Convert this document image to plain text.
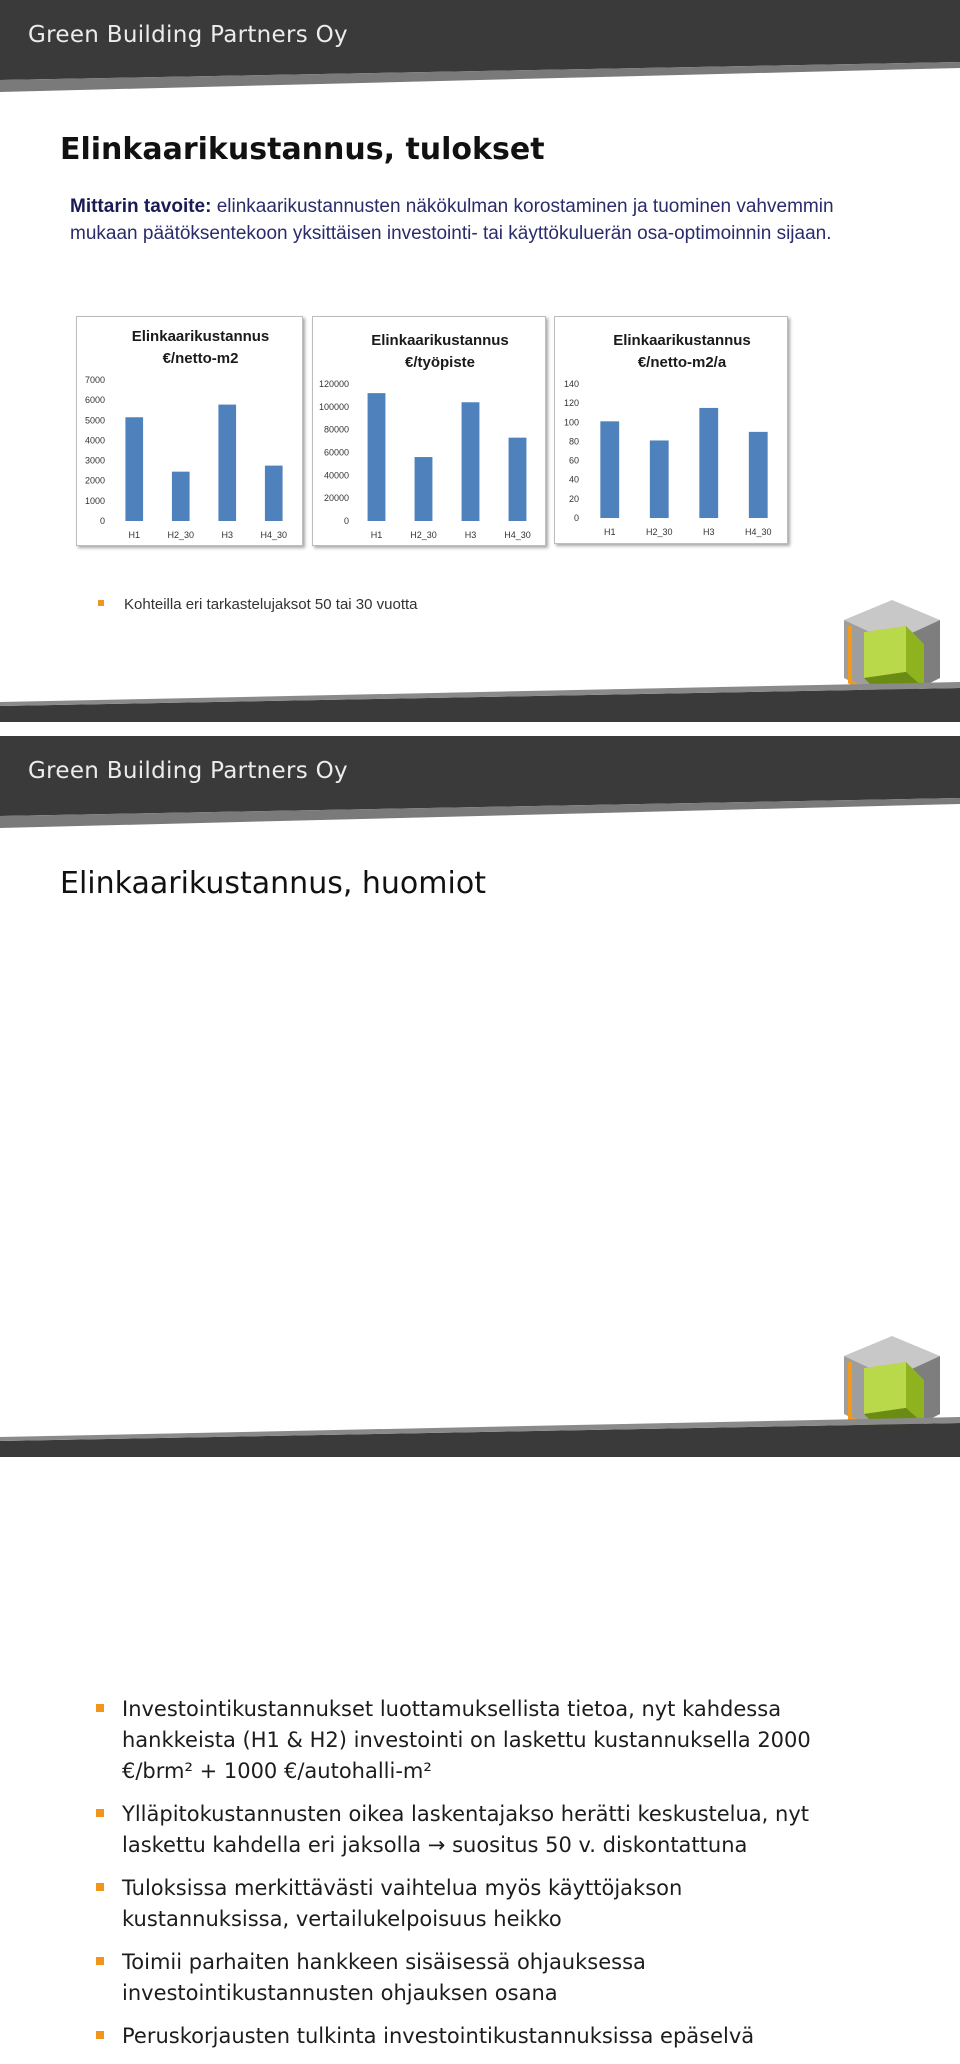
Green Building Partners Oy
Elinkaarikustannus, tulokset
Mittarin tavoite: elinkaarikustannusten näkökulman korostaminen ja tuominen vahvemmin mukaan päätöksentekoon yksittäisen investointi- tai käyttökuluerän osa-optimoinnin sijaan.
Elinkaarikustannus
€/netto-m2
7000
6000
5000
4000
3000
2000
1000
0
H1	H2_30	H3	H4_30
Elinkaarikustannus
€/työpiste
120000
100000
80000
60000
40000
20000
0
H1	H2_30	H3	H4_30
Elinkaarikustannus
€/netto-m2/a
140
120
100
80
60
40
20
0
H1	H2_30	H3	H4_30
Kohteilla eri tarkastelujaksot 50 tai 30 vuotta
Green Building Partners Oy
Elinkaarikustannus, huomiot
Investointikustannukset luottamuksellista tietoa, nyt kahdessa hankkeista (H1 & H2) investointi on laskettu kustannuksella 2000 €/brm² + 1000 €/autohalli-m²
Ylläpitokustannusten oikea laskentajakso herätti keskustelua, nyt laskettu kahdella eri jaksolla → suositus 50 v. diskontattuna
Tuloksissa merkittävästi vaihtelua myös käyttöjakson kustannuksissa, vertailukelpoisuus heikko
Toimii parhaiten hankkeen sisäisessä ohjauksessa investointikustannusten ohjauksen osana
Peruskorjausten tulkinta investointikustannuksissa epäselvä
